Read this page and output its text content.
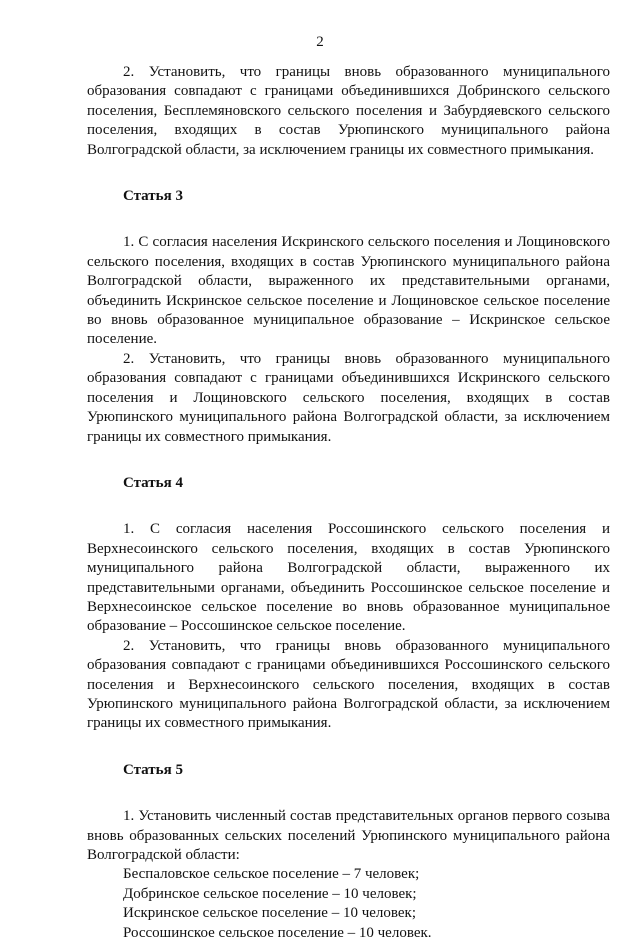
2

2. Установить, что границы вновь образованного муниципального образования совпадают с границами объединившихся Добринского сельского поселения, Бесплемяновского сельского поселения и Забурдяевского сельского поселения, входящих в состав Урюпинского муниципального района Волгоградской области, за исключением границы их совместного примыкания.

Статья 3

1. С согласия населения Искринского сельского поселения и Лощиновского сельского поселения, входящих в состав Урюпинского муниципального района Волгоградской области, выраженного их представительными органами, объединить Искринское сельское поселение и Лощиновское сельское поселение во вновь образованное муниципальное образование – Искринское сельское поселение.

2. Установить, что границы вновь образованного муниципального образования совпадают с границами объединившихся Искринского сельского поселения и Лощиновского сельского поселения, входящих в состав Урюпинского муниципального района Волгоградской области, за исключением границы их совместного примыкания.

Статья 4

1. С согласия населения Россошинского сельского поселения и Верхнесоинского сельского поселения, входящих в состав Урюпинского муниципального района Волгоградской области, выраженного их представительными органами, объединить Россошинское сельское поселение и Верхнесоинское сельское поселение во вновь образованное муниципальное образование – Россошинское сельское поселение.

2. Установить, что границы вновь образованного муниципального образования совпадают с границами объединившихся Россошинского сельского поселения и Верхнесоинского сельского поселения, входящих в состав Урюпинского муниципального района Волгоградской области, за исключением границы их совместного примыкания.

Статья 5

1. Установить численный состав представительных органов первого созыва вновь образованных сельских поселений Урюпинского муниципального района Волгоградской области:

Беспаловское сельское поселение – 7 человек;

Добринское сельское поселение – 10 человек;

Искринское сельское поселение – 10 человек;

Россошинское сельское поселение – 10 человек.
